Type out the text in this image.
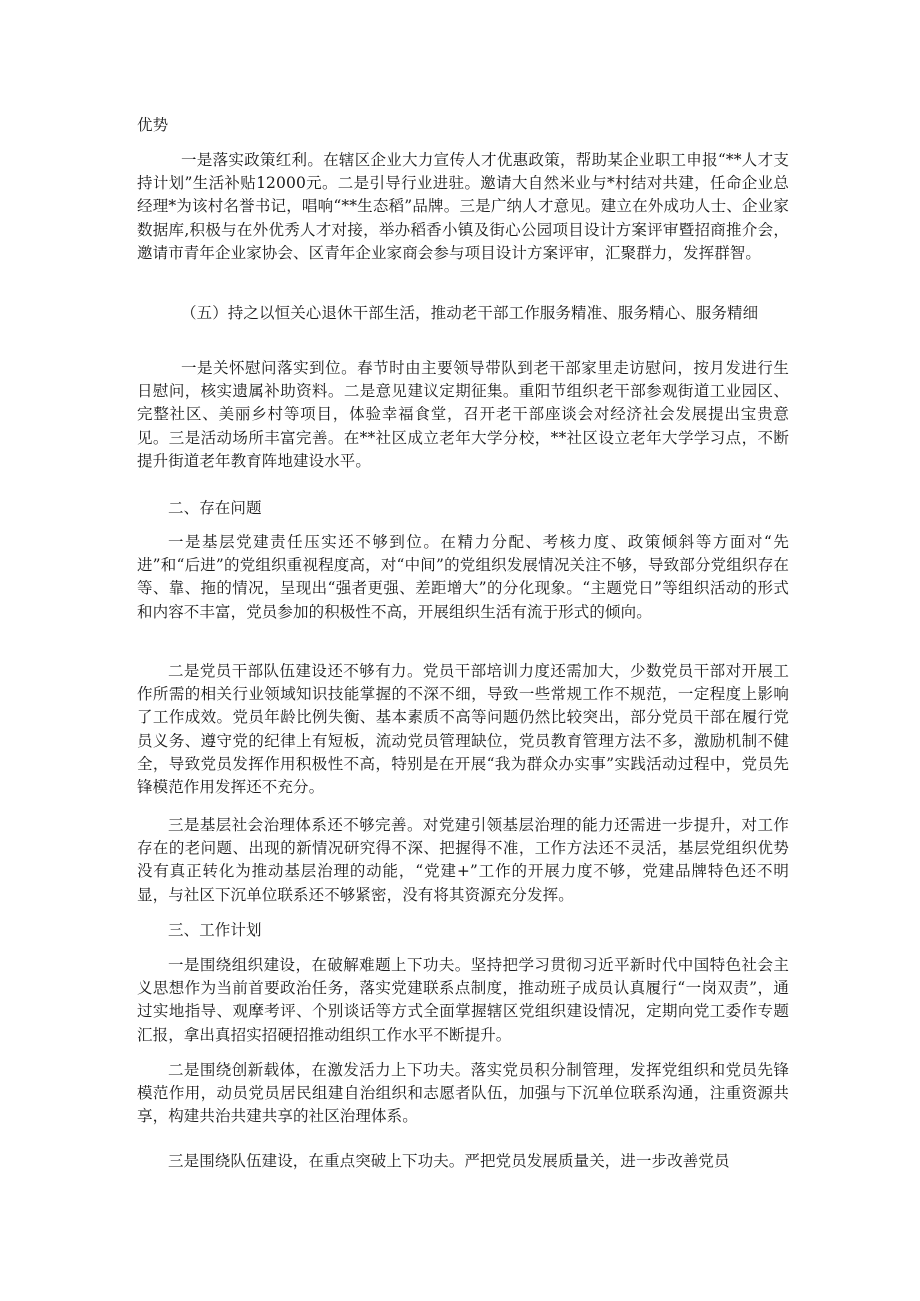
优势

一是落实政策红利。在辖区企业大力宣传人才优惠政策，帮助某企业职工申报“**人才支持计划”生活补贴12000元。二是引导行业进驻。邀请大自然米业与*村结对共建，任命企业总经理*为该村名誉书记，唱响“**生态稻”品牌。三是广纳人才意见。建立在外成功人士、企业家数据库,积极与在外优秀人才对接，举办稻香小镇及街心公园项目设计方案评审暨招商推介会，邀请市青年企业家协会、区青年企业家商会参与项目设计方案评审，汇聚群力，发挥群智。

（五）持之以恒关心退休干部生活，推动老干部工作服务精准、服务精心、服务精细

一是关怀慰问落实到位。春节时由主要领导带队到老干部家里走访慰问，按月发进行生日慰问，核实遗属补助资料。二是意见建议定期征集。重阳节组织老干部参观街道工业园区、完整社区、美丽乡村等项目，体验幸福食堂，召开老干部座谈会对经济社会发展提出宝贵意见。三是活动场所丰富完善。在**社区成立老年大学分校，**社区设立老年大学学习点，不断提升街道老年教育阵地建设水平。

二、存在问题

一是基层党建责任压实还不够到位。在精力分配、考核力度、政策倾斜等方面对“先进”和“后进”的党组织重视程度高，对“中间”的党组织发展情况关注不够，导致部分党组织存在等、靠、拖的情况，呈现出“强者更强、差距增大”的分化现象。“主题党日”等组织活动的形式和内容不丰富，党员参加的积极性不高，开展组织生活有流于形式的倾向。

二是党员干部队伍建设还不够有力。党员干部培训力度还需加大，少数党员干部对开展工作所需的相关行业领域知识技能掌握的不深不细，导致一些常规工作不规范，一定程度上影响了工作成效。党员年龄比例失衡、基本素质不高等问题仍然比较突出，部分党员干部在履行党员义务、遵守党的纪律上有短板，流动党员管理缺位，党员教育管理方法不多，激励机制不健全，导致党员发挥作用积极性不高，特别是在开展“我为群众办实事”实践活动过程中，党员先锋模范作用发挥还不充分。

三是基层社会治理体系还不够完善。对党建引领基层治理的能力还需进一步提升，对工作存在的老问题、出现的新情况研究得不深、把握得不准，工作方法还不灵活，基层党组织优势没有真正转化为推动基层治理的动能，“党建+”工作的开展力度不够，党建品牌特色还不明显，与社区下沉单位联系还不够紧密，没有将其资源充分发挥。

三、工作计划

一是围绕组织建设，在破解难题上下功夫。坚持把学习贯彻习近平新时代中国特色社会主义思想作为当前首要政治任务，落实党建联系点制度，推动班子成员认真履行“一岗双责”，通过实地指导、观摩考评、个别谈话等方式全面掌握辖区党组织建设情况，定期向党工委作专题汇报，拿出真招实招硬招推动组织工作水平不断提升。

二是围绕创新载体，在激发活力上下功夫。落实党员积分制管理，发挥党组织和党员先锋模范作用，动员党员居民组建自治组织和志愿者队伍，加强与下沉单位联系沟通，注重资源共享，构建共治共建共享的社区治理体系。

三是围绕队伍建设，在重点突破上下功夫。严把党员发展质量关，进一步改善党员
